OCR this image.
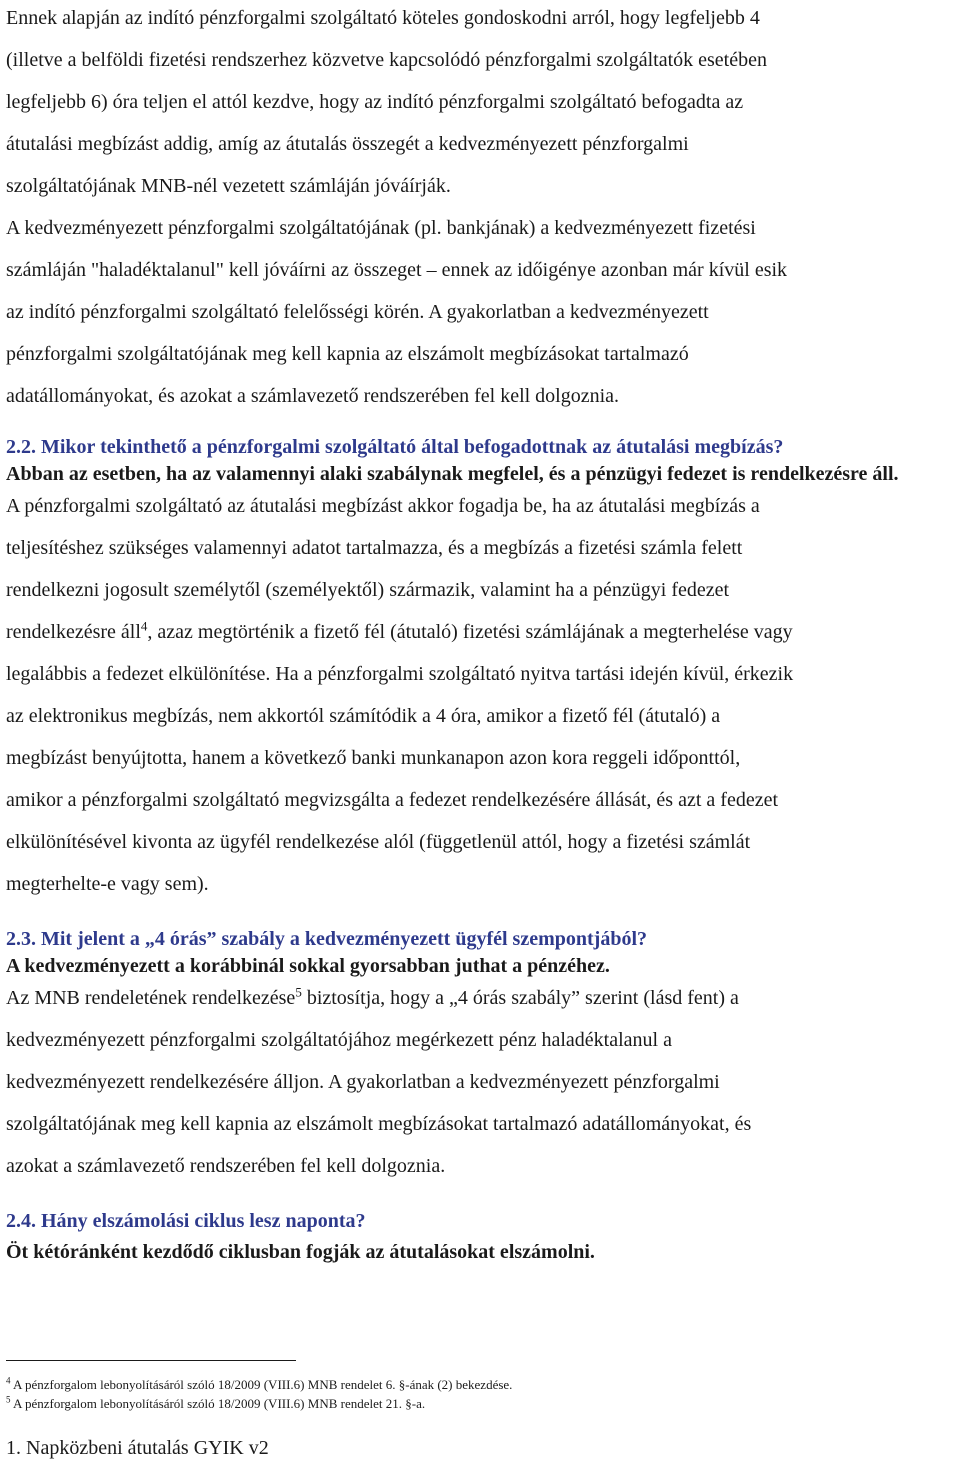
Ennek alapján az indító pénzforgalmi szolgáltató köteles gondoskodni arról, hogy legfeljebb 4

(illetve a belföldi fizetési rendszerhez közvetve kapcsolódó pénzforgalmi szolgáltatók esetében

legfeljebb 6) óra teljen el attól kezdve, hogy az indító pénzforgalmi szolgáltató befogadta az

átutalási megbízást addig, amíg az átutalás összegét a kedvezményezett pénzforgalmi

szolgáltatójának MNB-nél vezetett számláján jóváírják.

A kedvezményezett pénzforgalmi szolgáltatójának (pl. bankjának) a kedvezményezett fizetési

számláján "haladéktalanul" kell jóváírni az összeget – ennek az időigénye azonban már kívül esik

az indító pénzforgalmi szolgáltató felelősségi körén. A gyakorlatban a kedvezményezett

pénzforgalmi szolgáltatójának meg kell kapnia az elszámolt megbízásokat tartalmazó

adatállományokat, és azokat a számlavezető rendszerében fel kell dolgoznia.

2.2. Mikor tekinthető a pénzforgalmi szolgáltató által befogadottnak az átutalási megbízás?

Abban az esetben, ha az valamennyi alaki szabálynak megfelel, és a pénzügyi fedezet is rendelkezésre áll.

A pénzforgalmi szolgáltató az átutalási megbízást akkor fogadja be, ha az átutalási megbízás a

teljesítéshez szükséges valamennyi adatot tartalmazza, és a megbízás a fizetési számla felett

rendelkezni jogosult személytől (személyektől) származik, valamint ha a pénzügyi fedezet

rendelkezésre áll$^4$, azaz megtörténik a fizető fél (átutaló) fizetési számlájának a megterhelése vagy

legalábbis a fedezet elkülönítése. Ha a pénzforgalmi szolgáltató nyitva tartási idején kívül, érkezik

az elektronikus megbízás, nem akkortól számítódik a 4 óra, amikor a fizető fél (átutaló) a

megbízást benyújtotta, hanem a következő banki munkanapon azon kora reggeli időponttól,

amikor a pénzforgalmi szolgáltató megvizsgálta a fedezet rendelkezésére állását, és azt a fedezet

elkülönítésével kivonta az ügyfél rendelkezése alól (függetlenül attól, hogy a fizetési számlát

megterhelte-e vagy sem).

2.3. Mit jelent a „4 órás” szabály a kedvezményezett ügyfél szempontjából?

A kedvezményezett a korábbinál sokkal gyorsabban juthat a pénzéhez.

Az MNB rendeletének rendelkezése$^5$ biztosítja, hogy a „4 órás szabály” szerint (lásd fent) a

kedvezményezett pénzforgalmi szolgáltatójához megérkezett pénz haladéktalanul a

kedvezményezett rendelkezésére álljon. A gyakorlatban a kedvezményezett pénzforgalmi

szolgáltatójának meg kell kapnia az elszámolt megbízásokat tartalmazó adatállományokat, és

azokat a számlavezető rendszerében fel kell dolgoznia.

2.4. Hány elszámolási ciklus lesz naponta?

Öt kétóránként kezdődő ciklusban fogják az átutalásokat elszámolni.

$^4$ A pénzforgalom lebonyolításáról szóló 18/2009 (VIII.6) MNB rendelet 6. §-ának (2) bekezdése.
$^5$ A pénzforgalom lebonyolításáról szóló 18/2009 (VIII.6) MNB rendelet 21. §-a.
1. Napközbeni átutalás GYIK v2
